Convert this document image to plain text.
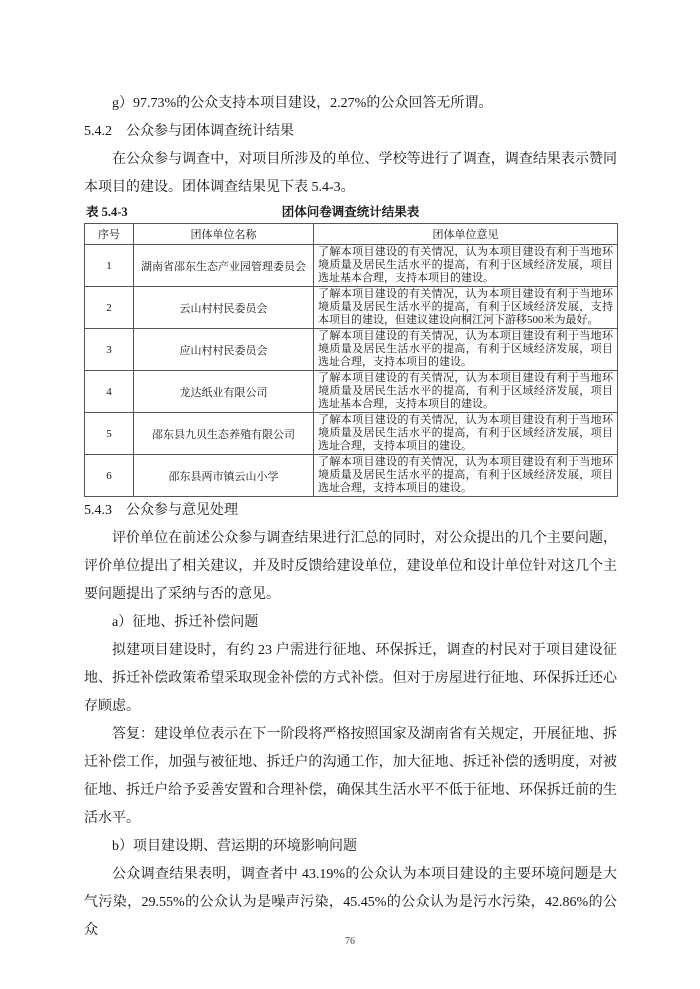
g）97.73%的公众支持本项目建设，2.27%的公众回答无所谓。

5.4.2　公众参与团体调查统计结果

在公众参与调查中，对项目所涉及的单位、学校等进行了调查，调查结果表示赞同本项目的建设。团体调查结果见下表 5.4-3。

表 5.4-3	团体问卷调查统计结果表
序号	团体单位名称	团体单位意见
1	湖南省邵东生态产业园管理委员会	了解本项目建设的有关情况，认为本项目建设有利于当地环境质量及居民生活水平的提高，有利于区域经济发展，项目选址基本合理，支持本项目的建设。
2	云山村村民委员会	了解本项目建设的有关情况，认为本项目建设有利于当地环境质量及居民生活水平的提高，有利于区域经济发展，支持本项目的建设，但建议建设向桐江河下游移500米为最好。
3	应山村村民委员会	了解本项目建设的有关情况，认为本项目建设有利于当地环境质量及居民生活水平的提高，有利于区域经济发展，项目选址合理，支持本项目的建设。
4	龙达纸业有限公司	了解本项目建设的有关情况，认为本项目建设有利于当地环境质量及居民生活水平的提高，有利于区域经济发展，项目选址基本合理，支持本项目的建设。
5	邵东县九贝生态养殖有限公司	了解本项目建设的有关情况，认为本项目建设有利于当地环境质量及居民生活水平的提高，有利于区域经济发展，项目选址合理，支持本项目的建设。
6	邵东县两市镇云山小学	了解本项目建设的有关情况，认为本项目建设有利于当地环境质量及居民生活水平的提高，有利于区域经济发展，项目选址合理，支持本项目的建设。
5.4.3　公众参与意见处理

评价单位在前述公众参与调查结果进行汇总的同时，对公众提出的几个主要问题，评价单位提出了相关建议，并及时反馈给建设单位，建设单位和设计单位针对这几个主要问题提出了采纳与否的意见。

a）征地、拆迁补偿问题

拟建项目建设时，有约 23 户需进行征地、环保拆迁，调查的村民对于项目建设征地、拆迁补偿政策希望采取现金补偿的方式补偿。但对于房屋进行征地、环保拆迁还心存顾虑。

答复：建设单位表示在下一阶段将严格按照国家及湖南省有关规定，开展征地、拆迁补偿工作，加强与被征地、拆迁户的沟通工作，加大征地、拆迁补偿的透明度，对被征地、拆迁户给予妥善安置和合理补偿，确保其生活水平不低于征地、环保拆迁前的生活水平。

b）项目建设期、营运期的环境影响问题

公众调查结果表明，调查者中 43.19%的公众认为本项目建设的主要环境问题是大气污染，29.55%的公众认为是噪声污染，45.45%的公众认为是污水污染，42.86%的公众

76
